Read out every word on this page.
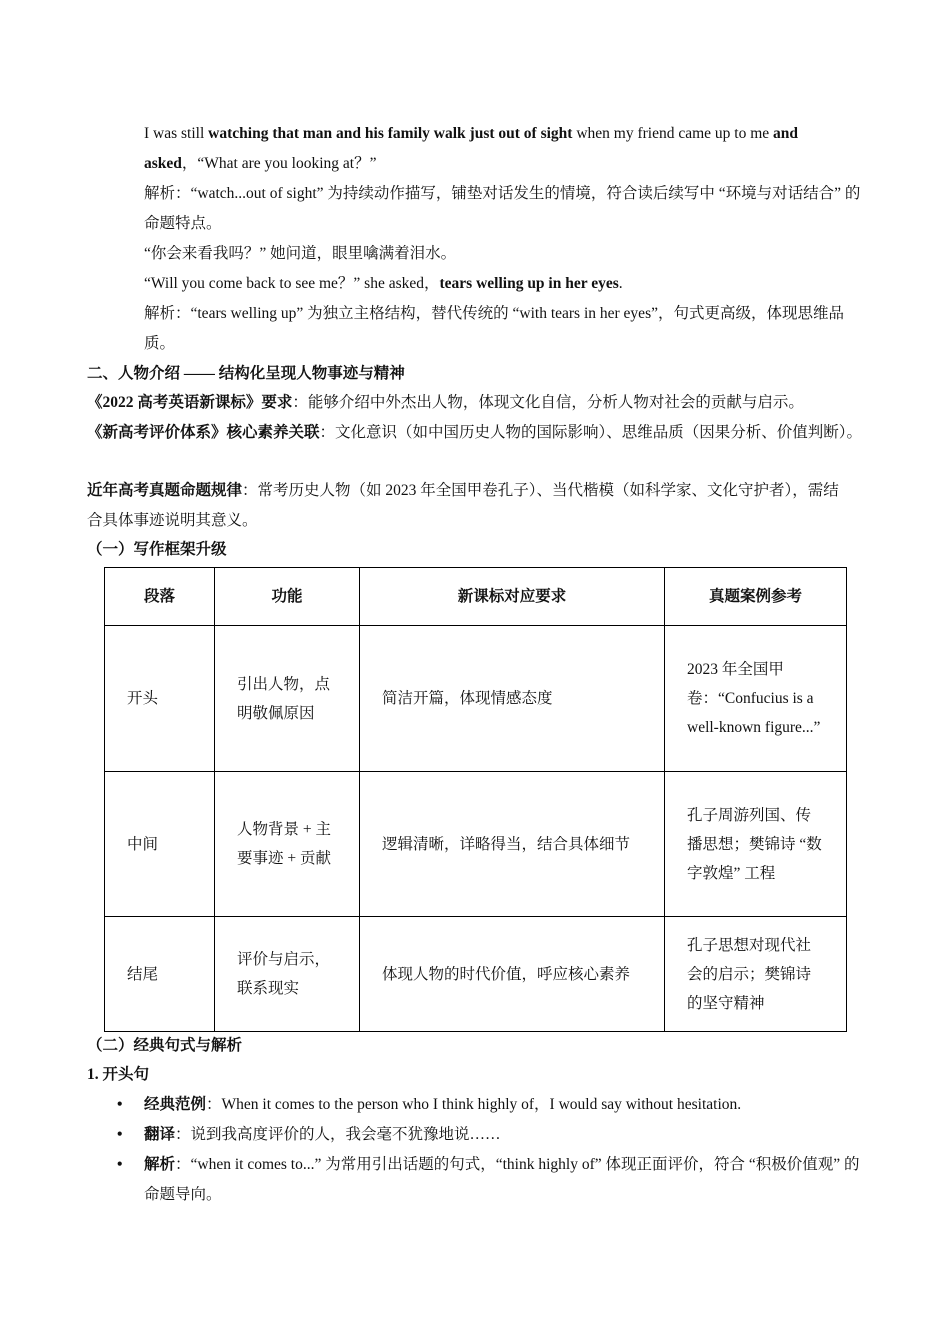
I was still watching that man and his family walk just out of sight when my friend came up to me and asked，“What are you looking at？”
解析：“watch...out of sight” 为持续动作描写，铺垫对话发生的情境，符合读后续写中 “环境与对话结合” 的命题特点。
“你会来看我吗？” 她问道，眼里噙满着泪水。
“Will you come back to see me？” she asked，tears welling up in her eyes.
解析：“tears welling up” 为独立主格结构，替代传统的 “with tears in her eyes”，句式更高级，体现思维品质。
二、人物介绍 —— 结构化呈现人物事迹与精神
《2022 高考英语新课标》要求：能够介绍中外杰出人物，体现文化自信，分析人物对社会的贡献与启示。
《新高考评价体系》核心素养关联：文化意识（如中国历史人物的国际影响）、思维品质（因果分析、价值判断）。
近年高考真题命题规律：常考历史人物（如 2023 年全国甲卷孔子）、当代楷模（如科学家、文化守护者），需结合具体事迹说明其意义。
（一）写作框架升级
段落	功能	新课标对应要求	真题案例参考
开头	引出人物，点明敬佩原因	简洁开篇，体现情感态度	2023 年全国甲卷：“Confucius is a well-known figure...”
中间	人物背景 + 主要事迹 + 贡献	逻辑清晰，详略得当，结合具体细节	孔子周游列国、传播思想；樊锦诗 “数字敦煌” 工程
结尾	评价与启示，联系现实	体现人物的时代价值，呼应核心素养	孔子思想对现代社会的启示；樊锦诗的坚守精神
（二）经典句式与解析
1. 开头句
• 经典范例：When it comes to the person who I think highly of，I would say without hesitation.
• 翻译：说到我高度评价的人，我会毫不犹豫地说……
• 解析：“when it comes to...” 为常用引出话题的句式，“think highly of” 体现正面评价，符合 “积极价值观” 的命题导向。
